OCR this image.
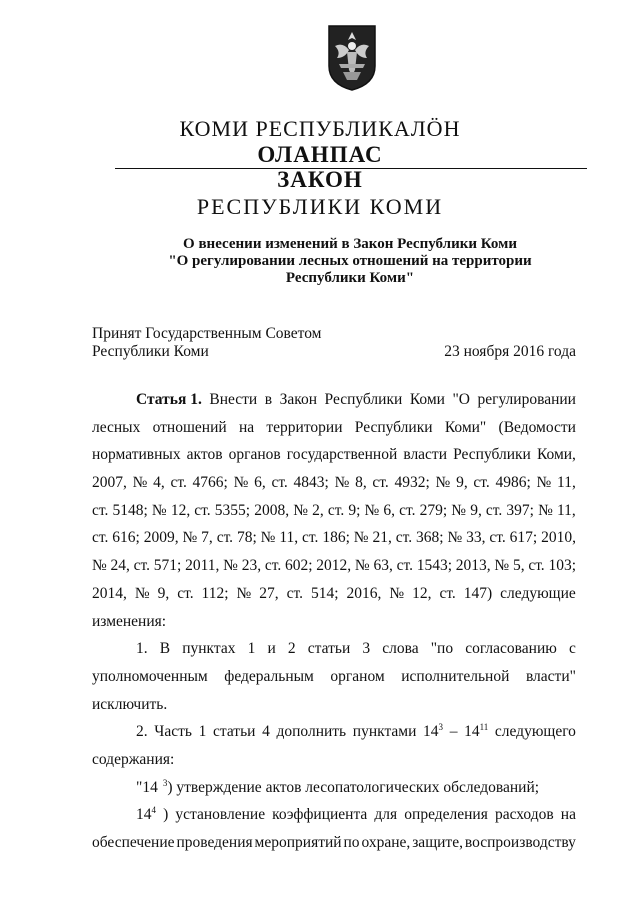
КОМИ РЕСПУБЛИКАЛӦН
ОЛАНПАС
ЗАКОН
РЕСПУБЛИКИ КОМИ
О внесении изменений в Закон Республики Коми
"О регулировании лесных отношений на территории
Республики Коми"
Принят Государственным Советом
Республики Коми	23 ноября 2016 года
Статья 1. Внести в Закон Республики Коми "О регулировании
лесных отношений на территории Республики Коми" (Ведомости
нормативных актов органов государственной власти Республики Коми,
2007, № 4, ст. 4766; № 6, ст. 4843; № 8, ст. 4932; № 9, ст. 4986; № 11,
ст. 5148; № 12, ст. 5355; 2008, № 2, ст. 9; № 6, ст. 279; № 9, ст. 397; № 11,
ст. 616; 2009, № 7, ст. 78; № 11, ст. 186; № 21, ст. 368; № 33, ст. 617; 2010,
№ 24, ст. 571; 2011, № 23, ст. 602; 2012, № 63, ст. 1543; 2013, № 5, ст. 103;
2014, № 9, ст. 112; № 27, ст. 514; 2016, № 12, ст. 147) следующие
изменения:
1. В пунктах 1 и 2 статьи 3 слова "по согласованию с
уполномоченным федеральным органом исполнительной власти"
исключить.
2. Часть 1 статьи 4 дополнить пунктами $14^3 - 14^{11}$ следующего
содержания:
"14 $^3$) утверждение актов лесопатологических обследований;
$14^4$ ) установление коэффициента для определения расходов на
обеспечение проведения мероприятий по охране, защите, воспроизводству
